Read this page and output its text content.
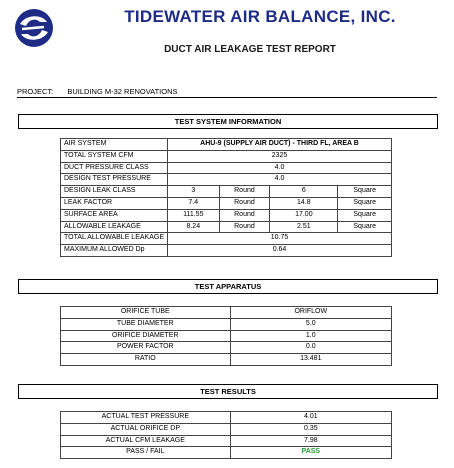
TIDEWATER AIR BALANCE, INC.
DUCT AIR LEAKAGE TEST REPORT
PROJECT: BUILDING M-32 RENOVATIONS
TEST SYSTEM INFORMATION
AIR SYSTEM	AHU-9 (SUPPLY AIR DUCT) - THIRD FL, AREA B			
TOTAL SYSTEM CFM	2325			
DUCT PRESSURE CLASS	4.0			
DESIGN TEST PRESSURE	4.0			
DESIGN LEAK CLASS	3	Round	6	Square
LEAK FACTOR	7.4	Round	14.8	Square
SURFACE AREA	111.55	Round	17.00	Square
ALLOWABLE LEAKAGE	8.24	Round	2.51	Square
TOTAL ALLOWABLE LEAKAGE	10.75			
MAXIMUM ALLOWED Dp	0.64			
TEST APPARATUS
ORIFICE TUBE	ORIFLOW
TUBE DIAMETER	5.0
ORIFICE DIAMETER	1.0
POWER FACTOR	0.0
RATIO	13.481
TEST RESULTS
ACTUAL TEST PRESSURE	4.01
ACTUAL ORIFICE DP	0.35
ACTUAL CFM LEAKAGE	7.98
PASS / FAIL	PASS
